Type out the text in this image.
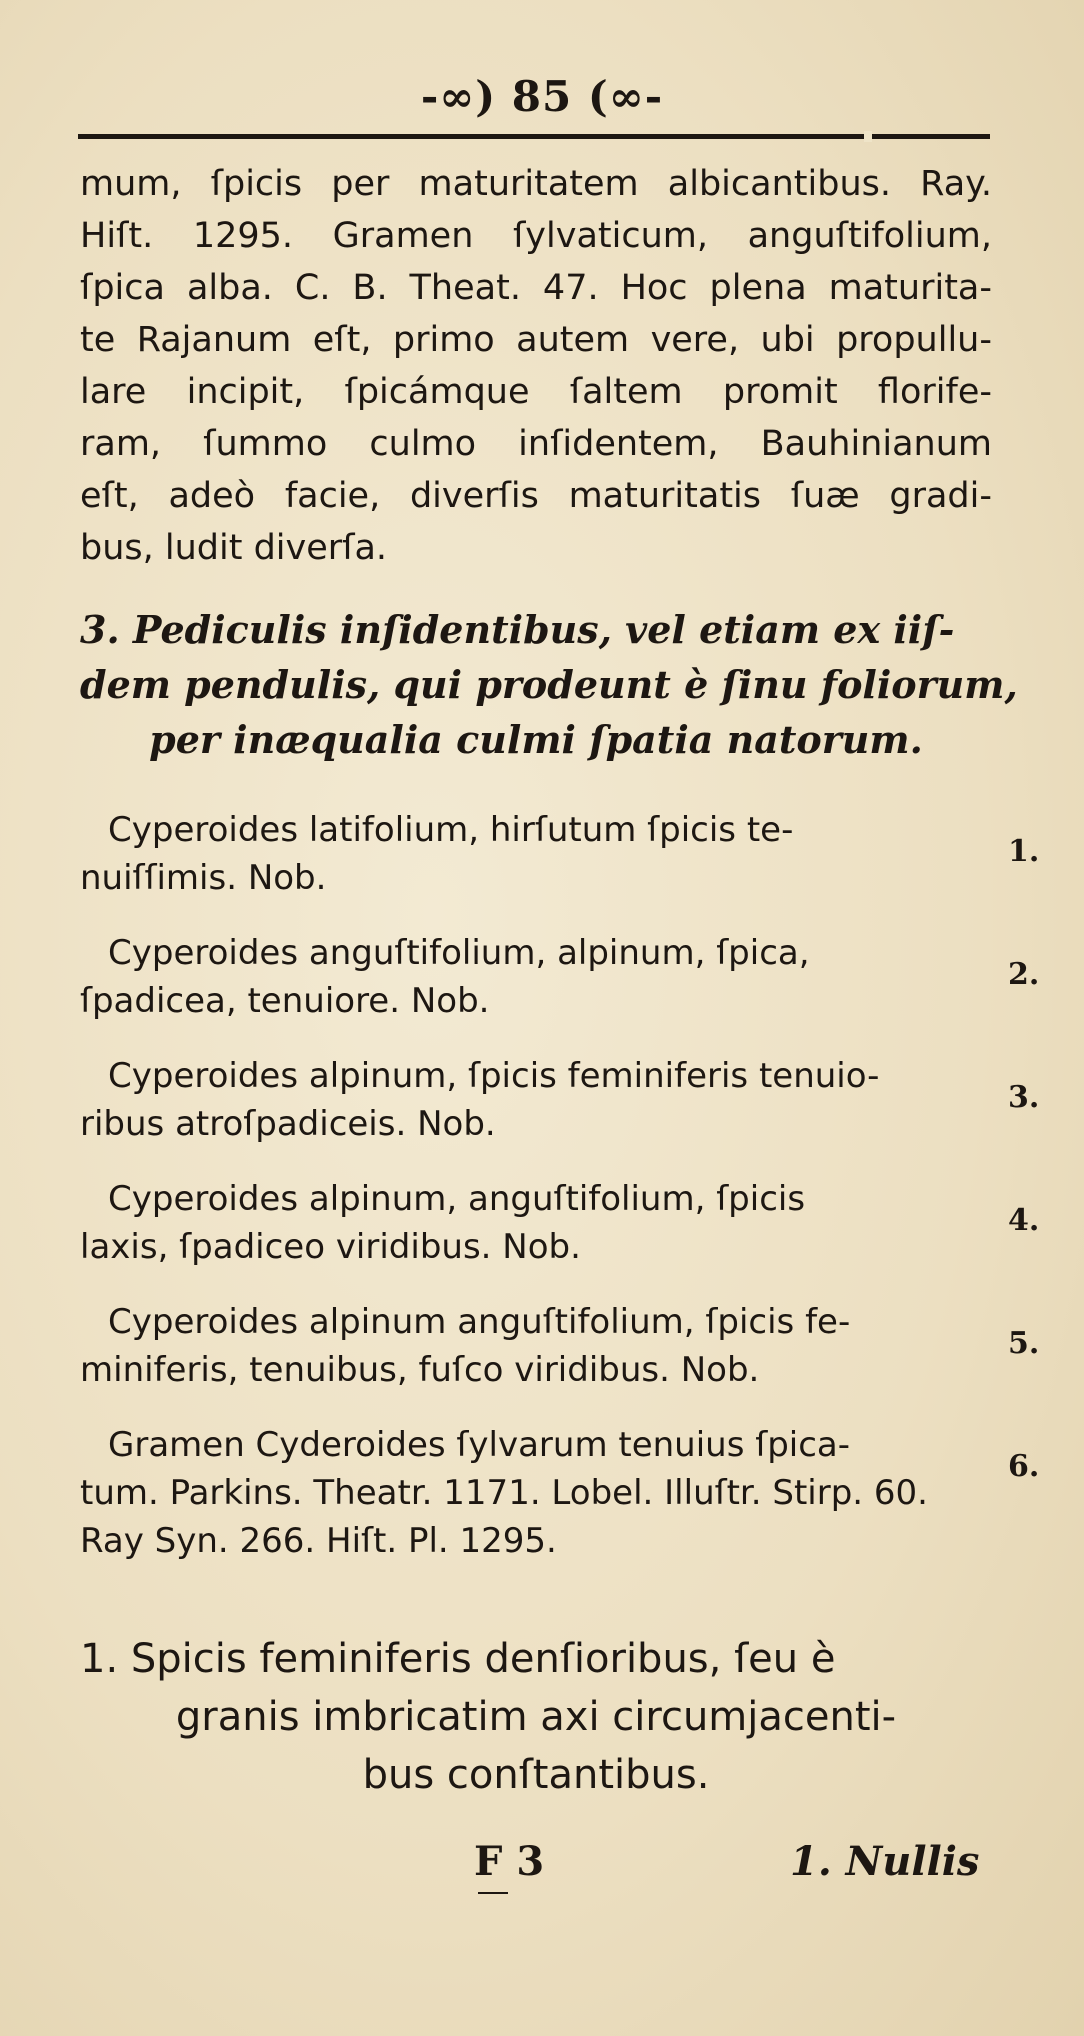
-∞) 85 (∞-
mum, ſpicis per maturitatem albicantibus. Ray.
Hiſt. 1295. Gramen ſylvaticum, anguſtifolium,
ſpica alba. C. B. Theat. 47. Hoc plena maturita-
te Rajanum eſt, primo autem vere, ubi propullu-
lare incipit, ſpicámque ſaltem promit florife-
ram, ſummo culmo inſidentem, Bauhinianum
eſt, adeò facie, diverſis maturitatis ſuæ gradi-
bus, ludit diverſa.
3. Pediculis inſidentibus, vel etiam ex iiſ-
dem pendulis, qui prodeunt è ſinu foliorum,
per inæqualia culmi ſpatia natorum.
Cyperoides latifolium, hirſutum ſpicis te-
nuiſſimis. Nob.
1.
Cyperoides anguſtifolium, alpinum, ſpica,
ſpadicea, tenuiore. Nob.
2.
Cyperoides alpinum, ſpicis feminiferis tenuio-
ribus atroſpadiceis. Nob.
3.
Cyperoides alpinum, anguſtifolium, ſpicis
laxis, ſpadiceo viridibus. Nob.
4.
Cyperoides alpinum anguſtifolium, ſpicis fe-
miniferis, tenuibus, fuſco viridibus. Nob.
5.
Gramen Cyderoides ſylvarum tenuius ſpica-
tum. Parkins. Theatr. 1171. Lobel. Illuſtr. Stirp. 60.
Ray Syn. 266. Hiſt. Pl. 1295.
6.
1. Spicis feminiferis denſioribus, ſeu è
granis imbricatim axi circumjacenti-
bus conſtantibus.
F 3	1. Nullis
